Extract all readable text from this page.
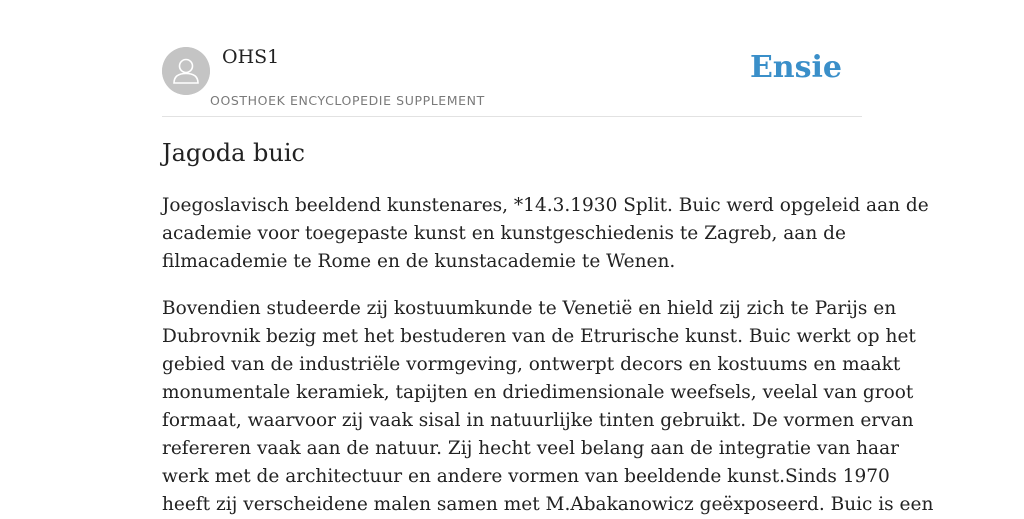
OHS1
OOSTHOEK ENCYCLOPEDIE SUPPLEMENT
Ensie
Jagoda buic

Joegoslavisch beeldend kunstenares, *14.3.1930 Split. Buic werd opgeleid aan de
academie voor toegepaste kunst en kunstgeschiedenis te Zagreb, aan de
filmacademie te Rome en de kunstacademie te Wenen.

Bovendien studeerde zij kostuumkunde te Venetië en hield zij zich te Parijs en
Dubrovnik bezig met het bestuderen van de Etrurische kunst. Buic werkt op het
gebied van de industriële vormgeving, ontwerpt decors en kostuums en maakt
monumentale keramiek, tapijten en driedimensionale weefsels, veelal van groot
formaat, waarvoor zij vaak sisal in natuurlijke tinten gebruikt. De vormen ervan
refereren vaak aan de natuur. Zij hecht veel belang aan de integratie van haar
werk met de architectuur en andere vormen van beeldende kunst.Sinds 1970
heeft zij verscheidene malen samen met M.Abakanowicz geëxposeerd. Buic is een
